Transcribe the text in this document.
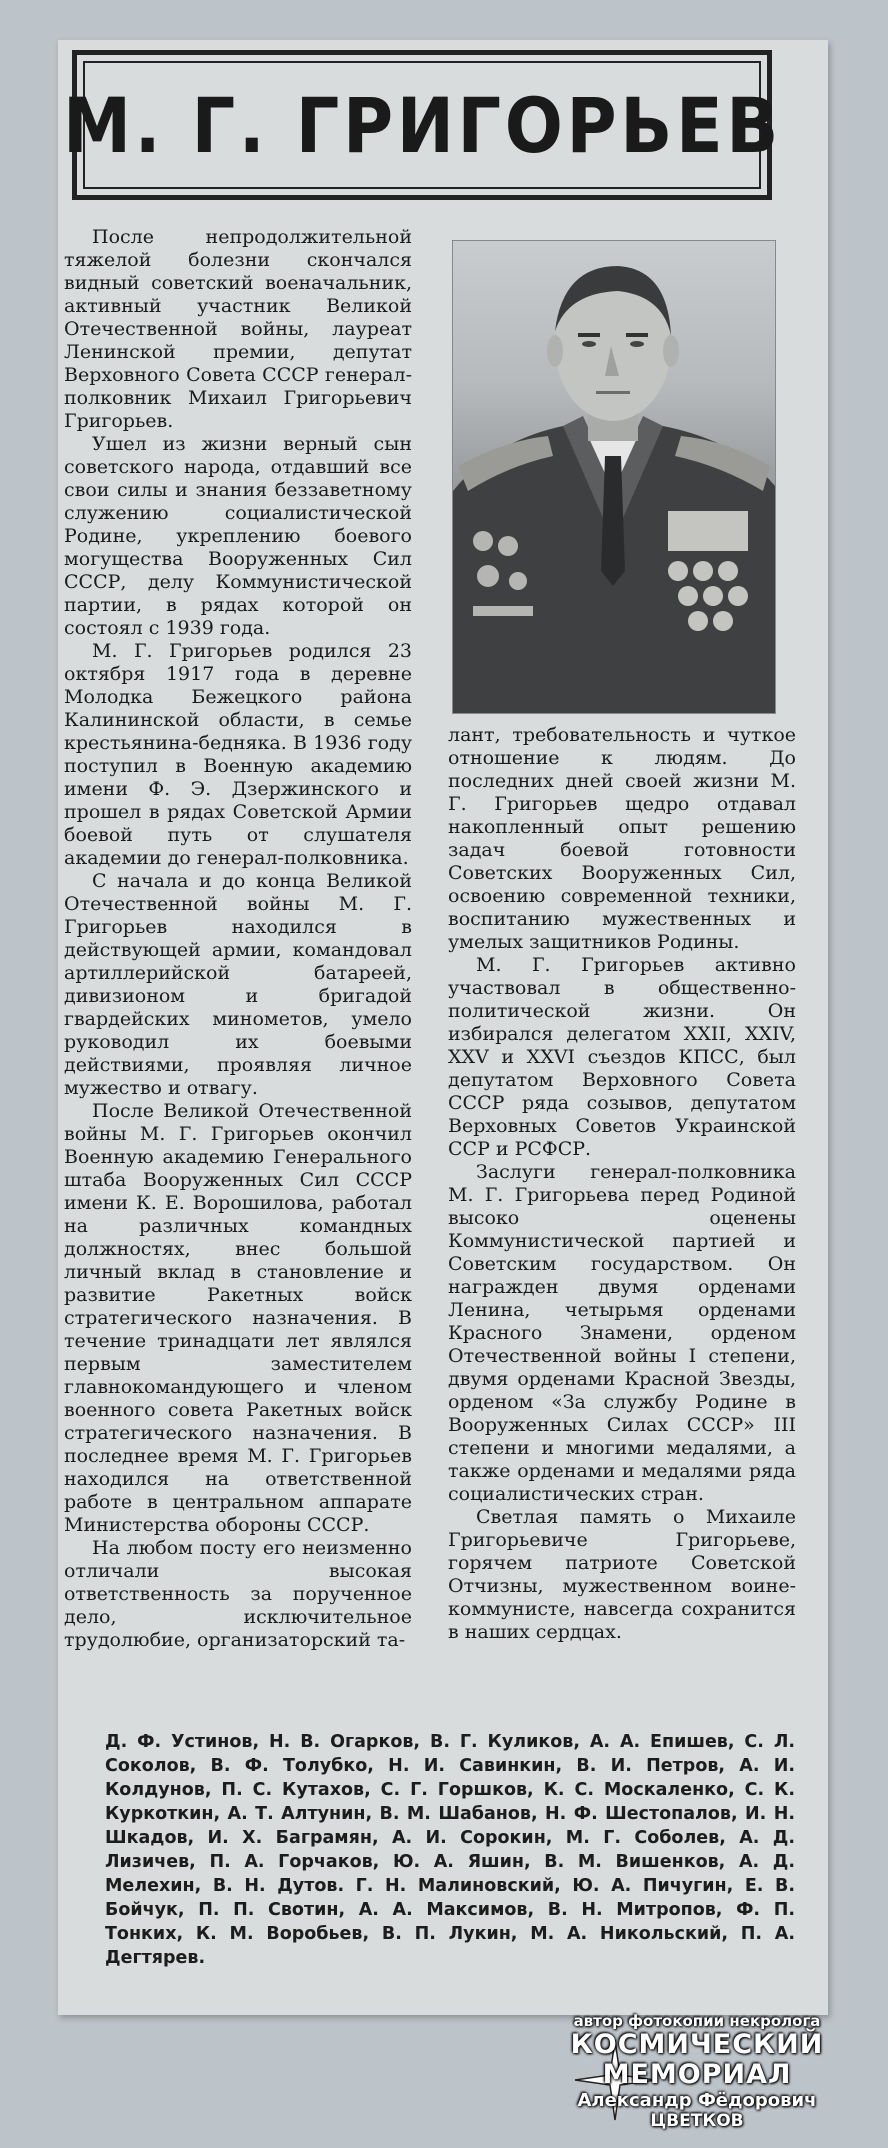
М. Г. ГРИГОРЬЕВ

После непродолжительной тяжелой болезни скончался видный советский военачальник, активный участник Великой Отечественной войны, лауреат Ленинской премии, депутат Верховного Совета СССР генерал-полковник Михаил Григорьевич Григорьев.

Ушел из жизни верный сын советского народа, отдавший все свои силы и знания беззаветному служению социалистической Родине, укреплению боевого могущества Вооруженных Сил СССР, делу Коммунистической партии, в рядах которой он состоял с 1939 года.

М. Г. Григорьев родился 23 октября 1917 года в деревне Молодка Бежецкого района Калининской области, в семье крестьянина-бедняка. В 1936 году поступил в Военную академию имени Ф. Э. Дзержинского и прошел в рядах Советской Армии боевой путь от слушателя академии до генерал-полковника.

С начала и до конца Великой Отечественной войны М. Г. Григорьев находился в действующей армии, командовал артиллерийской батареей, дивизионом и бригадой гвардейских минометов, умело руководил их боевыми действиями, проявляя личное мужество и отвагу.

После Великой Отечественной войны М. Г. Григорьев окончил Военную академию Генерального штаба Вооруженных Сил СССР имени К. Е. Ворошилова, работал на различных командных должностях, внес большой личный вклад в становление и развитие Ракетных войск стратегического назначения. В течение тринадцати лет являлся первым заместителем главнокомандующего и членом военного совета Ракетных войск стратегического назначения. В последнее время М. Г. Григорьев находился на ответственной работе в центральном аппарате Министерства обороны СССР.

На любом посту его неизменно отличали высокая ответственность за порученное дело, исключительное трудолюбие, организаторский та-

лант, требовательность и чуткое отношение к людям. До последних дней своей жизни М. Г. Григорьев щедро отдавал накопленный опыт решению задач боевой готовности Советских Вооруженных Сил, освоению современной техники, воспитанию мужественных и умелых защитников Родины.

М. Г. Григорьев активно участвовал в общественно-политической жизни. Он избирался делегатом XXII, XXIV, XXV и XXVI съездов КПСС, был депутатом Верховного Совета СССР ряда созывов, депутатом Верховных Советов Украинской ССР и РСФСР.

Заслуги генерал-полковника М. Г. Григорьева перед Родиной высоко оценены Коммунистической партией и Советским государством. Он награжден двумя орденами Ленина, четырьмя орденами Красного Знамени, орденом Отечественной войны I степени, двумя орденами Красной Звезды, орденом «За службу Родине в Вооруженных Силах СССР» III степени и многими медалями, а также орденами и медалями ряда социалистических стран.

Светлая память о Михаиле Григорьевиче Григорьеве, горячем патриоте Советской Отчизны, мужественном воине-коммунисте, навсегда сохранится в наших сердцах.

Д. Ф. Устинов, Н. В. Огарков, В. Г. Куликов, А. А. Епишев, С. Л. Соколов, В. Ф. Толубко, Н. И. Савинкин, В. И. Петров, А. И. Колдунов, П. С. Кутахов, С. Г. Горшков, К. С. Москаленко, С. К. Куркоткин, А. Т. Алтунин, В. М. Шабанов, Н. Ф. Шестопалов, И. Н. Шкадов, И. Х. Баграмян, А. И. Сорокин, М. Г. Соболев, А. Д. Лизичев, П. А. Горчаков, Ю. А. Яшин, В. М. Вишенков, А. Д. Мелехин, В. Н. Дутов. Г. Н. Малиновский, Ю. А. Пичугин, Е. В. Бойчук, П. П. Свотин, А. А. Максимов, В. Н. Митропов, Ф. П. Тонких, К. М. Воробьев, В. П. Лукин, М. А. Никольский, П. А. Дегтярев.
автор фотокопии некролога
КОСМИЧЕСКИЙ
МЕМОРИАЛ
Александр Фёдорович
ЦВЕТКОВ
